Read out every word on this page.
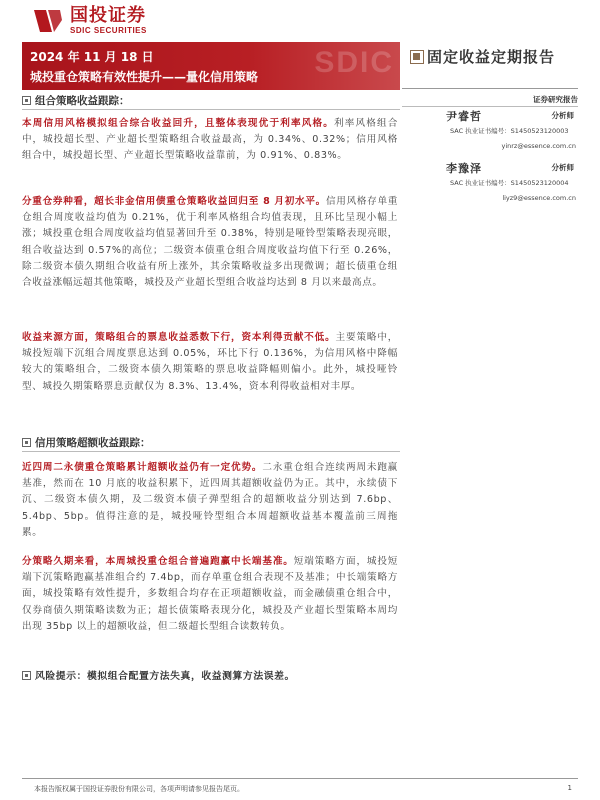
国投证券
SDIC SECURITIES
SDIC
2024 年 11 月 18 日
城投重仓策略有效性提升——量化信用策略
固定收益定期报告
组合策略收益跟踪：
本周信用风格模拟组合综合收益回升，且整体表现优于利率风格。利率风格组合中，城投超长型、产业超长型策略组合收益最高，为 0.34%、0.32%；信用风格组合中，城投超长型、产业超长型策略收益靠前，为 0.91%、0.83%。
分重仓券种看，超长非金信用债重仓策略收益回归至 8 月初水平。信用风格存单重仓组合周度收益均值为 0.21%，优于利率风格组合均值表现，且环比呈现小幅上涨；城投重仓组合周度收益均值显著回升至 0.38%，特别是哑铃型策略表现亮眼，组合收益达到 0.57%的高位；二级资本债重仓组合周度收益均值下行至 0.26%，除二级资本债久期组合收益有所上涨外，其余策略收益多出现微调；超长债重仓组合收益涨幅远超其他策略，城投及产业超长型组合收益均达到 8 月以来最高点。
收益来源方面，策略组合的票息收益悉数下行，资本利得贡献不低。主要策略中，城投短端下沉组合周度票息达到 0.05%，环比下行 0.136%，为信用风格中降幅较大的策略组合，二级资本债久期策略的票息收益降幅则偏小。此外，城投哑铃型、城投久期策略票息贡献仅为 8.3%、13.4%，资本利得收益相对丰厚。
信用策略超额收益跟踪：
近四周二永债重仓策略累计超额收益仍有一定优势。二永重仓组合连续两周未跑赢基准，然而在 10 月底的收益积累下，近四周其超额收益仍为正。其中，永续债下沉、二级资本债久期，及二级资本债子弹型组合的超额收益分别达到 7.6bp、5.4bp、5bp。值得注意的是，城投哑铃型组合本周超额收益基本覆盖前三周拖累。
分策略久期来看，本周城投重仓组合普遍跑赢中长端基准。短端策略方面，城投短端下沉策略跑赢基准组合约 7.4bp，而存单重仓组合表现不及基准；中长端策略方面，城投策略有效性提升，多数组合均存在正项超额收益，而金融债重仓组合中，仅券商债久期策略读数为正；超长债策略表现分化，城投及产业超长型策略本周均出现 35bp 以上的超额收益，但二级超长型组合读数转负。
风险提示：模拟组合配置方法失真，收益测算方法误差。
证券研究报告
尹睿哲	分析师
SAC 执业证书编号：S1450523120003
yinrz@essence.com.cn
李豫泽	分析师
SAC 执业证书编号：S1450523120004
liyz9@essence.com.cn
本报告版权属于国投证券股份有限公司，各项声明请参见报告尾页。	1
